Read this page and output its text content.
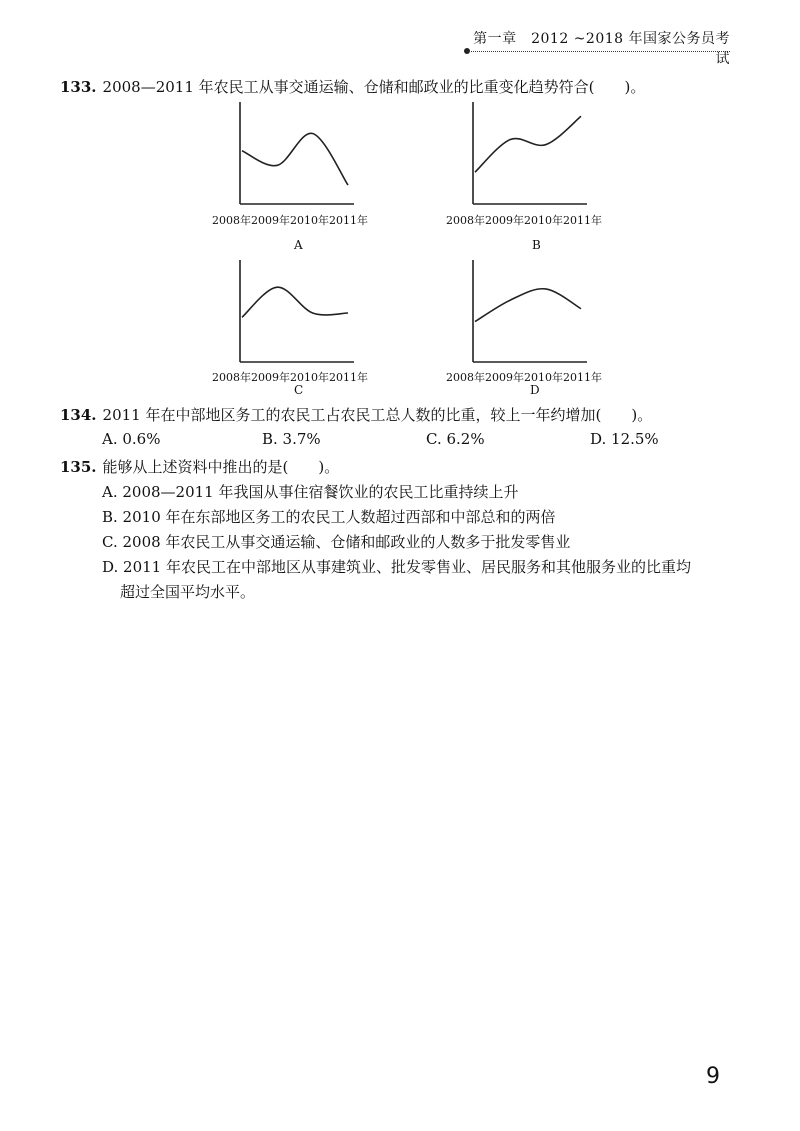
第一章　2012 ~2018 年国家公务员考试
133. 2008—2011 年农民工从事交通运输、仓储和邮政业的比重变化趋势符合(　　)。
2008年2009年2010年2011年
A
2008年2009年2010年2011年
B
2008年2009年2010年2011年
C
2008年2009年2010年2011年
D
134. 2011 年在中部地区务工的农民工占农民工总人数的比重，较上一年约增加(　　)。
A. 0.6%	B. 3.7%	C. 6.2%	D. 12.5%
135. 能够从上述资料中推出的是(　　)。
A. 2008—2011 年我国从事住宿餐饮业的农民工比重持续上升
B. 2010 年在东部地区务工的农民工人数超过西部和中部总和的两倍
C. 2008 年农民工从事交通运输、仓储和邮政业的人数多于批发零售业
D. 2011 年农民工在中部地区从事建筑业、批发零售业、居民服务和其他服务业的比重均
超过全国平均水平。
9
